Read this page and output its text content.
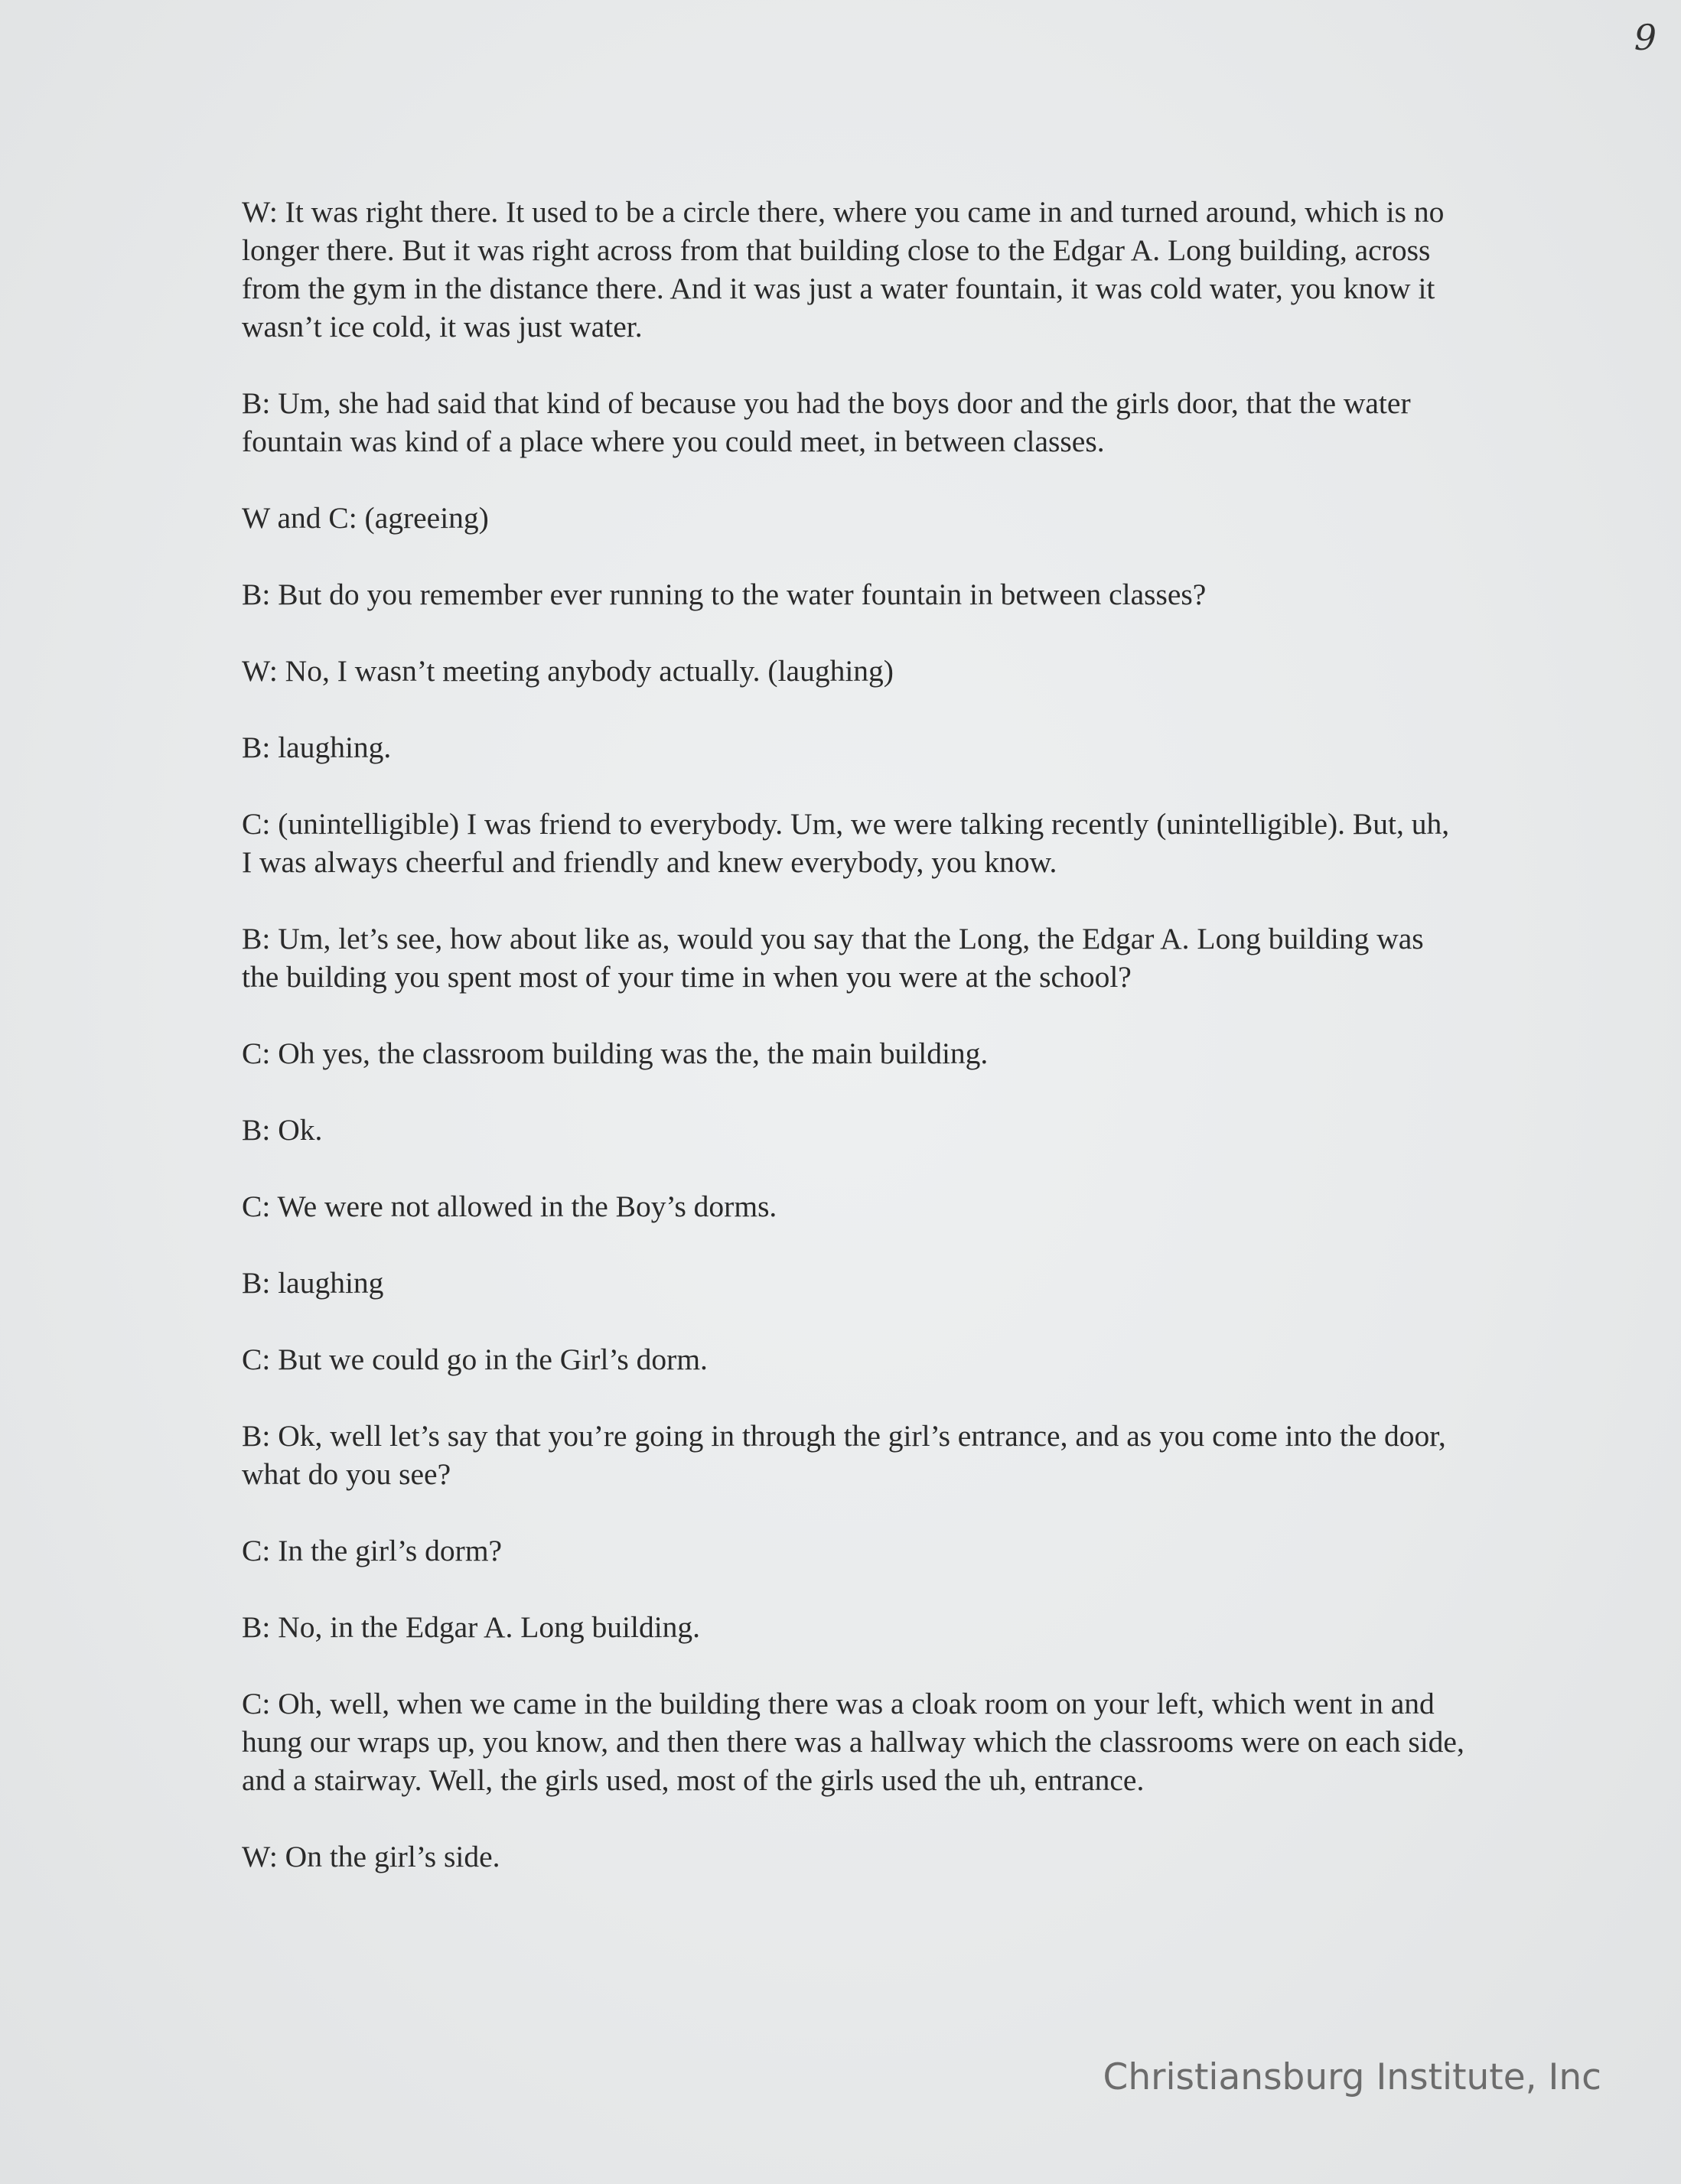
9

W: It was right there. It used to be a circle there, where you came in and turned around, which is no longer there. But it was right across from that building close to the Edgar A. Long building, across from the gym in the distance there. And it was just a water fountain, it was cold water, you know it wasn’t ice cold, it was just water.

B: Um, she had said that kind of because you had the boys door and the girls door, that the water fountain was kind of a place where you could meet, in between classes.

W and C: (agreeing)

B: But do you remember ever running to the water fountain in between classes?

W: No, I wasn’t meeting anybody actually. (laughing)

B: laughing.

C: (unintelligible) I was friend to everybody. Um, we were talking recently (unintelligible). But, uh, I was always cheerful and friendly and knew everybody, you know.

B: Um, let’s see, how about like as, would you say that the Long, the Edgar A. Long building was the building you spent most of your time in when you were at the school?

C: Oh yes, the classroom building was the, the main building.

B: Ok.

C: We were not allowed in the Boy’s dorms.

B: laughing

C: But we could go in the Girl’s dorm.

B: Ok, well let’s say that you’re going in through the girl’s entrance, and as you come into the door, what do you see?

C: In the girl’s dorm?

B: No, in the Edgar A. Long building.

C: Oh, well, when we came in the building there was a cloak room on your left, which went in and hung our wraps up, you know, and then there was a hallway which the classrooms were on each side, and a stairway. Well, the girls used, most of the girls used the uh, entrance.

W: On the girl’s side.

Christiansburg Institute, Inc
